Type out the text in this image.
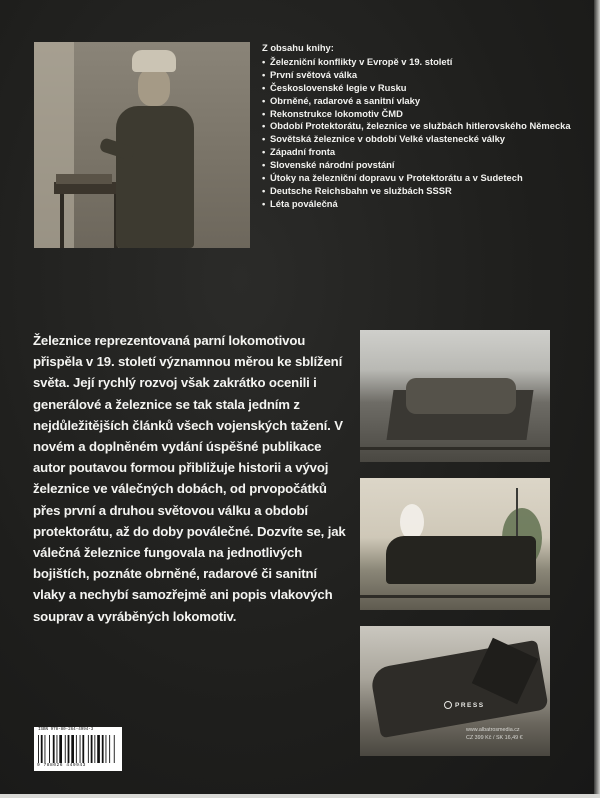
Z obsahu knihy:
• Železniční konflikty v Evropě v 19. století
• První světová válka
• Československé legie v Rusku
• Obrněné, radarové a sanitní vlaky
• Rekonstrukce lokomotiv ČMD
• Období Protektorátu, železnice ve službách hitlerovského Německa
• Sovětská železnice v období Velké vlastenecké války
• Západní fronta
• Slovenské národní povstání
• Útoky na železniční dopravu v Protektorátu a v Sudetech
• Deutsche Reichsbahn ve službách SSSR
• Léta poválečná

Železnice reprezentovaná parní lokomotivou přispěla v 19. století významnou měrou ke sblížení světa. Její rychlý rozvoj však zakrátko ocenili i generálové a železnice se tak stala jedním z nejdůležitějších článků všech vojenských tažení. V novém a doplněném vydání úspěšné publikace autor poutavou formou přibližuje historii a vývoj železnice ve válečných dobách, od prvopočátků přes první a druhou světovou válku a období protektorátu, až do doby poválečné. Dozvíte se, jak válečná železnice fungovala na jednotlivých bojištích, poznáte obrněné, radarové či sanitní vlaky a nechybí samozřejmě ani popis vlakových souprav a vyráběných lokomotiv.

PRESS
ISBN 978-80-264-4994-3
9 788026 449943
www.albatrosmedia.cz
CZ 399 Kč / SK 16,49 €
